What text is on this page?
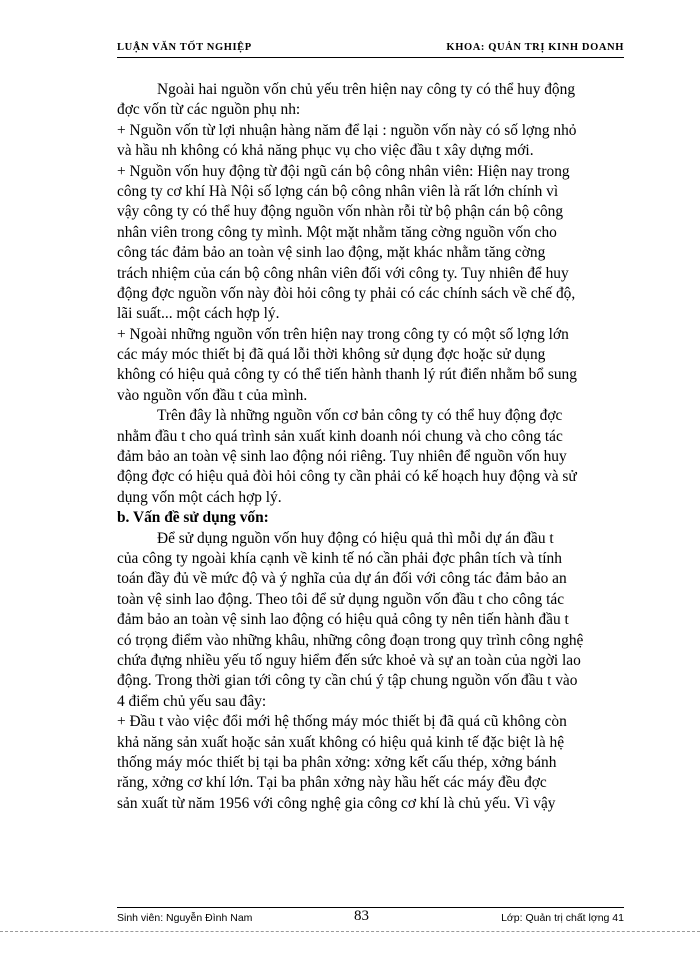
LUẬN VĂN TỐT NGHIỆP	KHOA: QUẢN TRỊ KINH DOANH
Ngoài hai nguồn vốn chủ yếu trên hiện nay công ty có thể huy động
đợc vốn từ các nguồn phụ nh:
+ Nguồn vốn từ lợi nhuận hàng năm để lại : nguồn vốn này có số lợng nhỏ
và hầu nh không có khả năng phục vụ cho việc đầu t xây dựng mới.
+ Nguồn vốn huy động từ đội ngũ cán bộ công nhân viên: Hiện nay trong
công ty cơ khí Hà Nội số lợng cán bộ công nhân viên là rất lớn chính vì
vậy công ty có thể huy động nguồn vốn nhàn rỗi từ bộ phận cán bộ công
nhân viên trong công ty mình. Một mặt nhằm tăng cờng nguồn vốn cho
công tác đảm bảo an toàn vệ sinh lao động, mặt khác nhằm tăng cờng
trách nhiệm của cán bộ công nhân viên đối với công ty. Tuy nhiên để huy
động đợc nguồn vốn này đòi hỏi công ty phải có các chính sách về chế độ,
lãi suất... một cách hợp lý.
+ Ngoài những nguồn vốn trên hiện nay trong công ty có một số lợng lớn
các máy móc thiết bị đã quá lỗi thời không sử dụng đợc hoặc sử dụng
không có hiệu quả công ty có thể tiến hành thanh lý rút điển nhằm bổ sung
vào nguồn vốn đầu t của mình.
Trên đây là những nguồn vốn cơ bản công ty có thể huy động đợc
nhằm đầu t cho quá trình sản xuất kinh doanh nói chung và cho công tác
đảm bảo an toàn vệ sinh lao động nói riêng. Tuy nhiên để nguồn vốn huy
động đợc có hiệu quả đòi hỏi công ty cần phải có kế hoạch huy động và sử
dụng vốn một cách hợp lý.
b. Vấn đề sử dụng vốn:
Để sử dụng nguồn vốn huy động có hiệu quả thì mỗi dự án đầu t
của công ty ngoài khía cạnh về kinh tế nó cần phải đợc phân tích và tính
toán đầy đủ về mức độ và ý nghĩa của dự án đối với công tác đảm bảo an
toàn vệ sinh lao động. Theo tôi để sử dụng nguồn vốn đầu t cho công tác
đảm bảo an toàn vệ sinh lao động có hiệu quả công ty nên tiến hành đầu t
có trọng điểm vào những khâu, những công đoạn trong quy trình công nghệ
chứa đựng nhiều yếu tố nguy hiểm đến sức khoẻ và sự an toàn của ngời lao
động. Trong thời gian tới công ty cần chú ý tập chung nguồn vốn đầu t vào
4 điểm chủ yếu sau đây:
+ Đầu t vào việc đổi mới hệ thống máy móc thiết bị đã quá cũ không còn
khả năng sản xuất hoặc sản xuất không có hiệu quả kinh tế đặc biệt là hệ
thống máy móc thiết bị tại ba phân xởng: xởng kết cấu thép, xởng bánh
răng, xởng cơ khí lớn. Tại ba phân xởng này hầu hết các máy đều đợc
sản xuất từ năm 1956 với công nghệ gia công cơ khí là chủ yếu. Vì vậy
Sinh viên: Nguyễn Đình Nam	83	Lớp: Quản trị chất lợng 41
